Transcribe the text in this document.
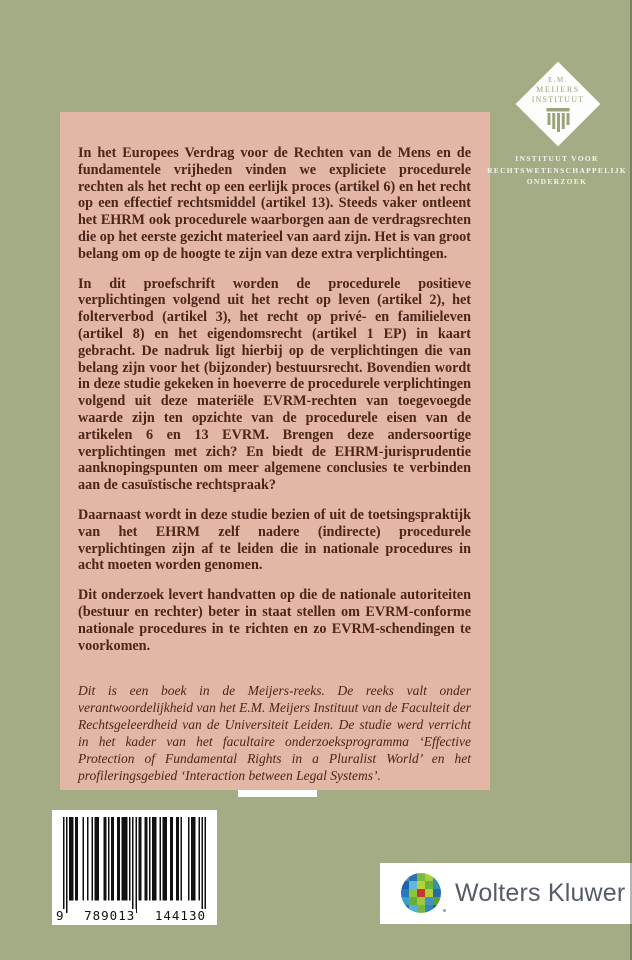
In het Europees Verdrag voor de Rechten van de Mens en de fundamentele vrijheden vinden we expliciete procedurele rechten als het recht op een eerlijk proces (artikel 6) en het recht op een effectief rechtsmiddel (artikel 13). Steeds vaker ontleent het EHRM ook procedurele waarborgen aan de verdragsrechten die op het eerste gezicht materieel van aard zijn. Het is van groot belang om op de hoogte te zijn van deze extra verplichtingen.

In dit proefschrift worden de procedurele positieve verplichtingen volgend uit het recht op leven (artikel 2), het folterverbod (artikel 3), het recht op privé- en familieleven (artikel 8) en het eigendomsrecht (artikel 1 EP) in kaart gebracht. De nadruk ligt hierbij op de verplichtingen die van belang zijn voor het (bijzonder) bestuursrecht. Bovendien wordt in deze studie gekeken in hoeverre de procedurele verplichtingen volgend uit deze materiële EVRM-rechten van toegevoegde waarde zijn ten opzichte van de procedurele eisen van de artikelen 6 en 13 EVRM. Brengen deze andersoortige verplichtingen met zich? En biedt de EHRM-jurisprudentie aanknopingspunten om meer algemene conclusies te verbinden aan de casuïstische rechtspraak?

Daarnaast wordt in deze studie bezien of uit de toetsingspraktijk van het EHRM zelf nadere (indirecte) procedurele verplichtingen zijn af te leiden die in nationale procedures in acht moeten worden genomen.

Dit onderzoek levert handvatten op die de nationale autoriteiten (bestuur en rechter) beter in staat stellen om EVRM-conforme nationale procedures in te richten en zo EVRM-schendingen te voorkomen.

Dit is een boek in de Meijers-reeks. De reeks valt onder verantwoordelijkheid van het E.M. Meijers Instituut van de Faculteit der Rechtsgeleerdheid van de Universiteit Leiden. De studie werd verricht in het kader van het facultaire onderzoeksprogramma ‘Effective Protection of Fundamental Rights in a Pluralist World’ en het profileringsgebied ‘Interaction between Legal Systems’.

E.M.
MEIJERS
INSTITUUT
INSTITUUT VOOR
RECHTSWETENSCHAPPELIJK
ONDERZOEK
9 789013 144130
Wolters Kluwer
